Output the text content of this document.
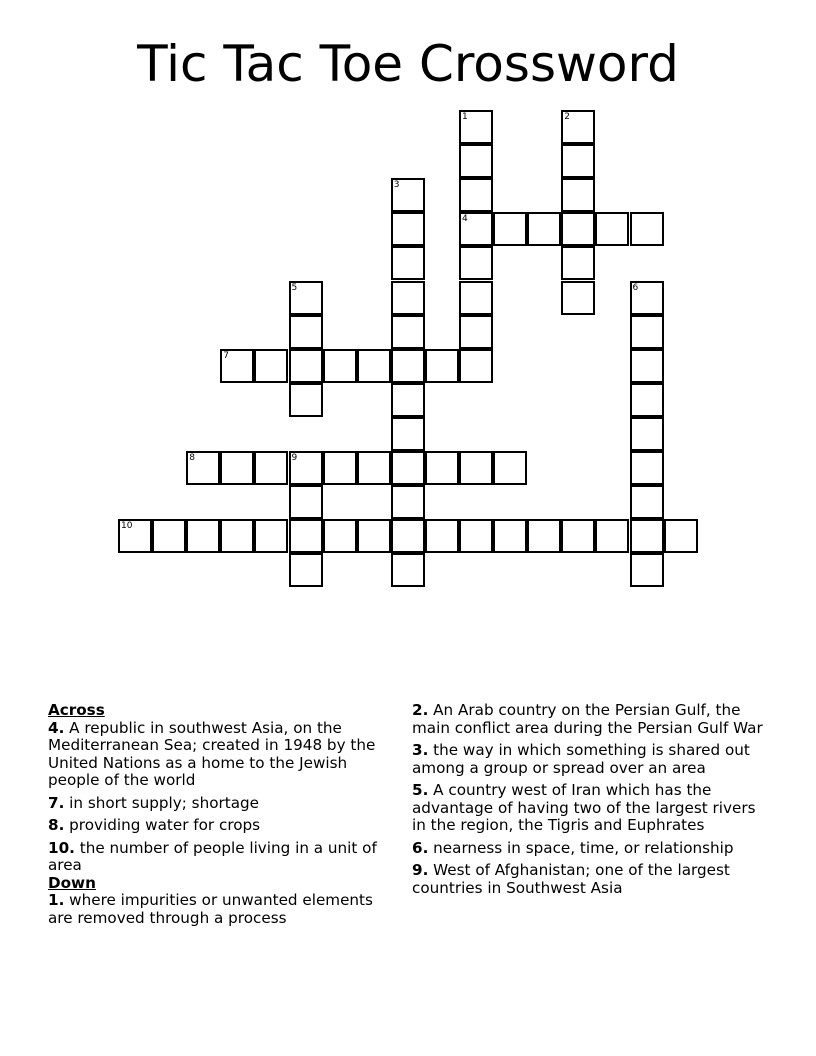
Tic Tac Toe Crossword
1
4
2
3
5	6
7
8	9
10
Across
4. A republic in southwest Asia, on the Mediterranean Sea; created in 1948 by the United Nations as a home to the Jewish people of the world
7. in short supply; shortage
8. providing water for crops
10. the number of people living in a unit of area
Down
1. where impurities or unwanted elements are removed through a process
2. An Arab country on the Persian Gulf, the main conflict area during the Persian Gulf War
3. the way in which something is shared out among a group or spread over an area
5. A country west of Iran which has the advantage of having two of the largest rivers in the region, the Tigris and Euphrates
6. nearness in space, time, or relationship
9. West of Afghanistan; one of the largest countries in Southwest Asia
